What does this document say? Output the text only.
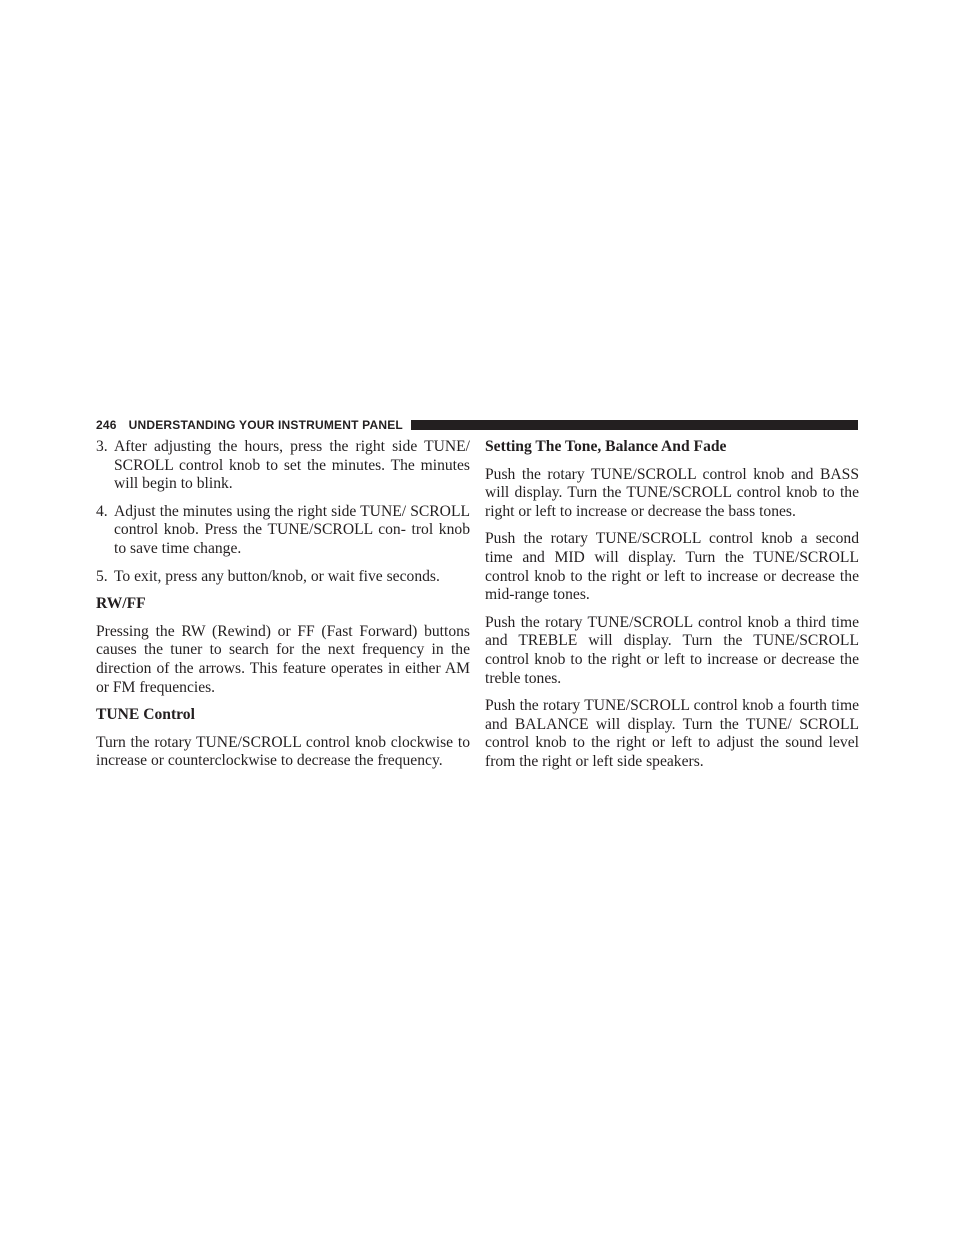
246 UNDERSTANDING YOUR INSTRUMENT PANEL
3. After adjusting the hours, press the right side TUNE/ SCROLL control knob to set the minutes. The minutes will begin to blink.
4. Adjust the minutes using the right side TUNE/ SCROLL control knob. Press the TUNE/SCROLL con- trol knob to save time change.
5. To exit, press any button/knob, or wait five seconds.
RW/FF

Pressing the RW (Rewind) or FF (Fast Forward) buttons causes the tuner to search for the next frequency in the direction of the arrows. This feature operates in either AM or FM frequencies.

TUNE Control

Turn the rotary TUNE/SCROLL control knob clockwise to increase or counterclockwise to decrease the frequency.

Setting The Tone, Balance And Fade

Push the rotary TUNE/SCROLL control knob and BASS will display. Turn the TUNE/SCROLL control knob to the right or left to increase or decrease the bass tones.

Push the rotary TUNE/SCROLL control knob a second time and MID will display. Turn the TUNE/SCROLL control knob to the right or left to increase or decrease the mid-range tones.

Push the rotary TUNE/SCROLL control knob a third time and TREBLE will display. Turn the TUNE/SCROLL control knob to the right or left to increase or decrease the treble tones.

Push the rotary TUNE/SCROLL control knob a fourth time and BALANCE will display. Turn the TUNE/ SCROLL control knob to the right or left to adjust the sound level from the right or left side speakers.
